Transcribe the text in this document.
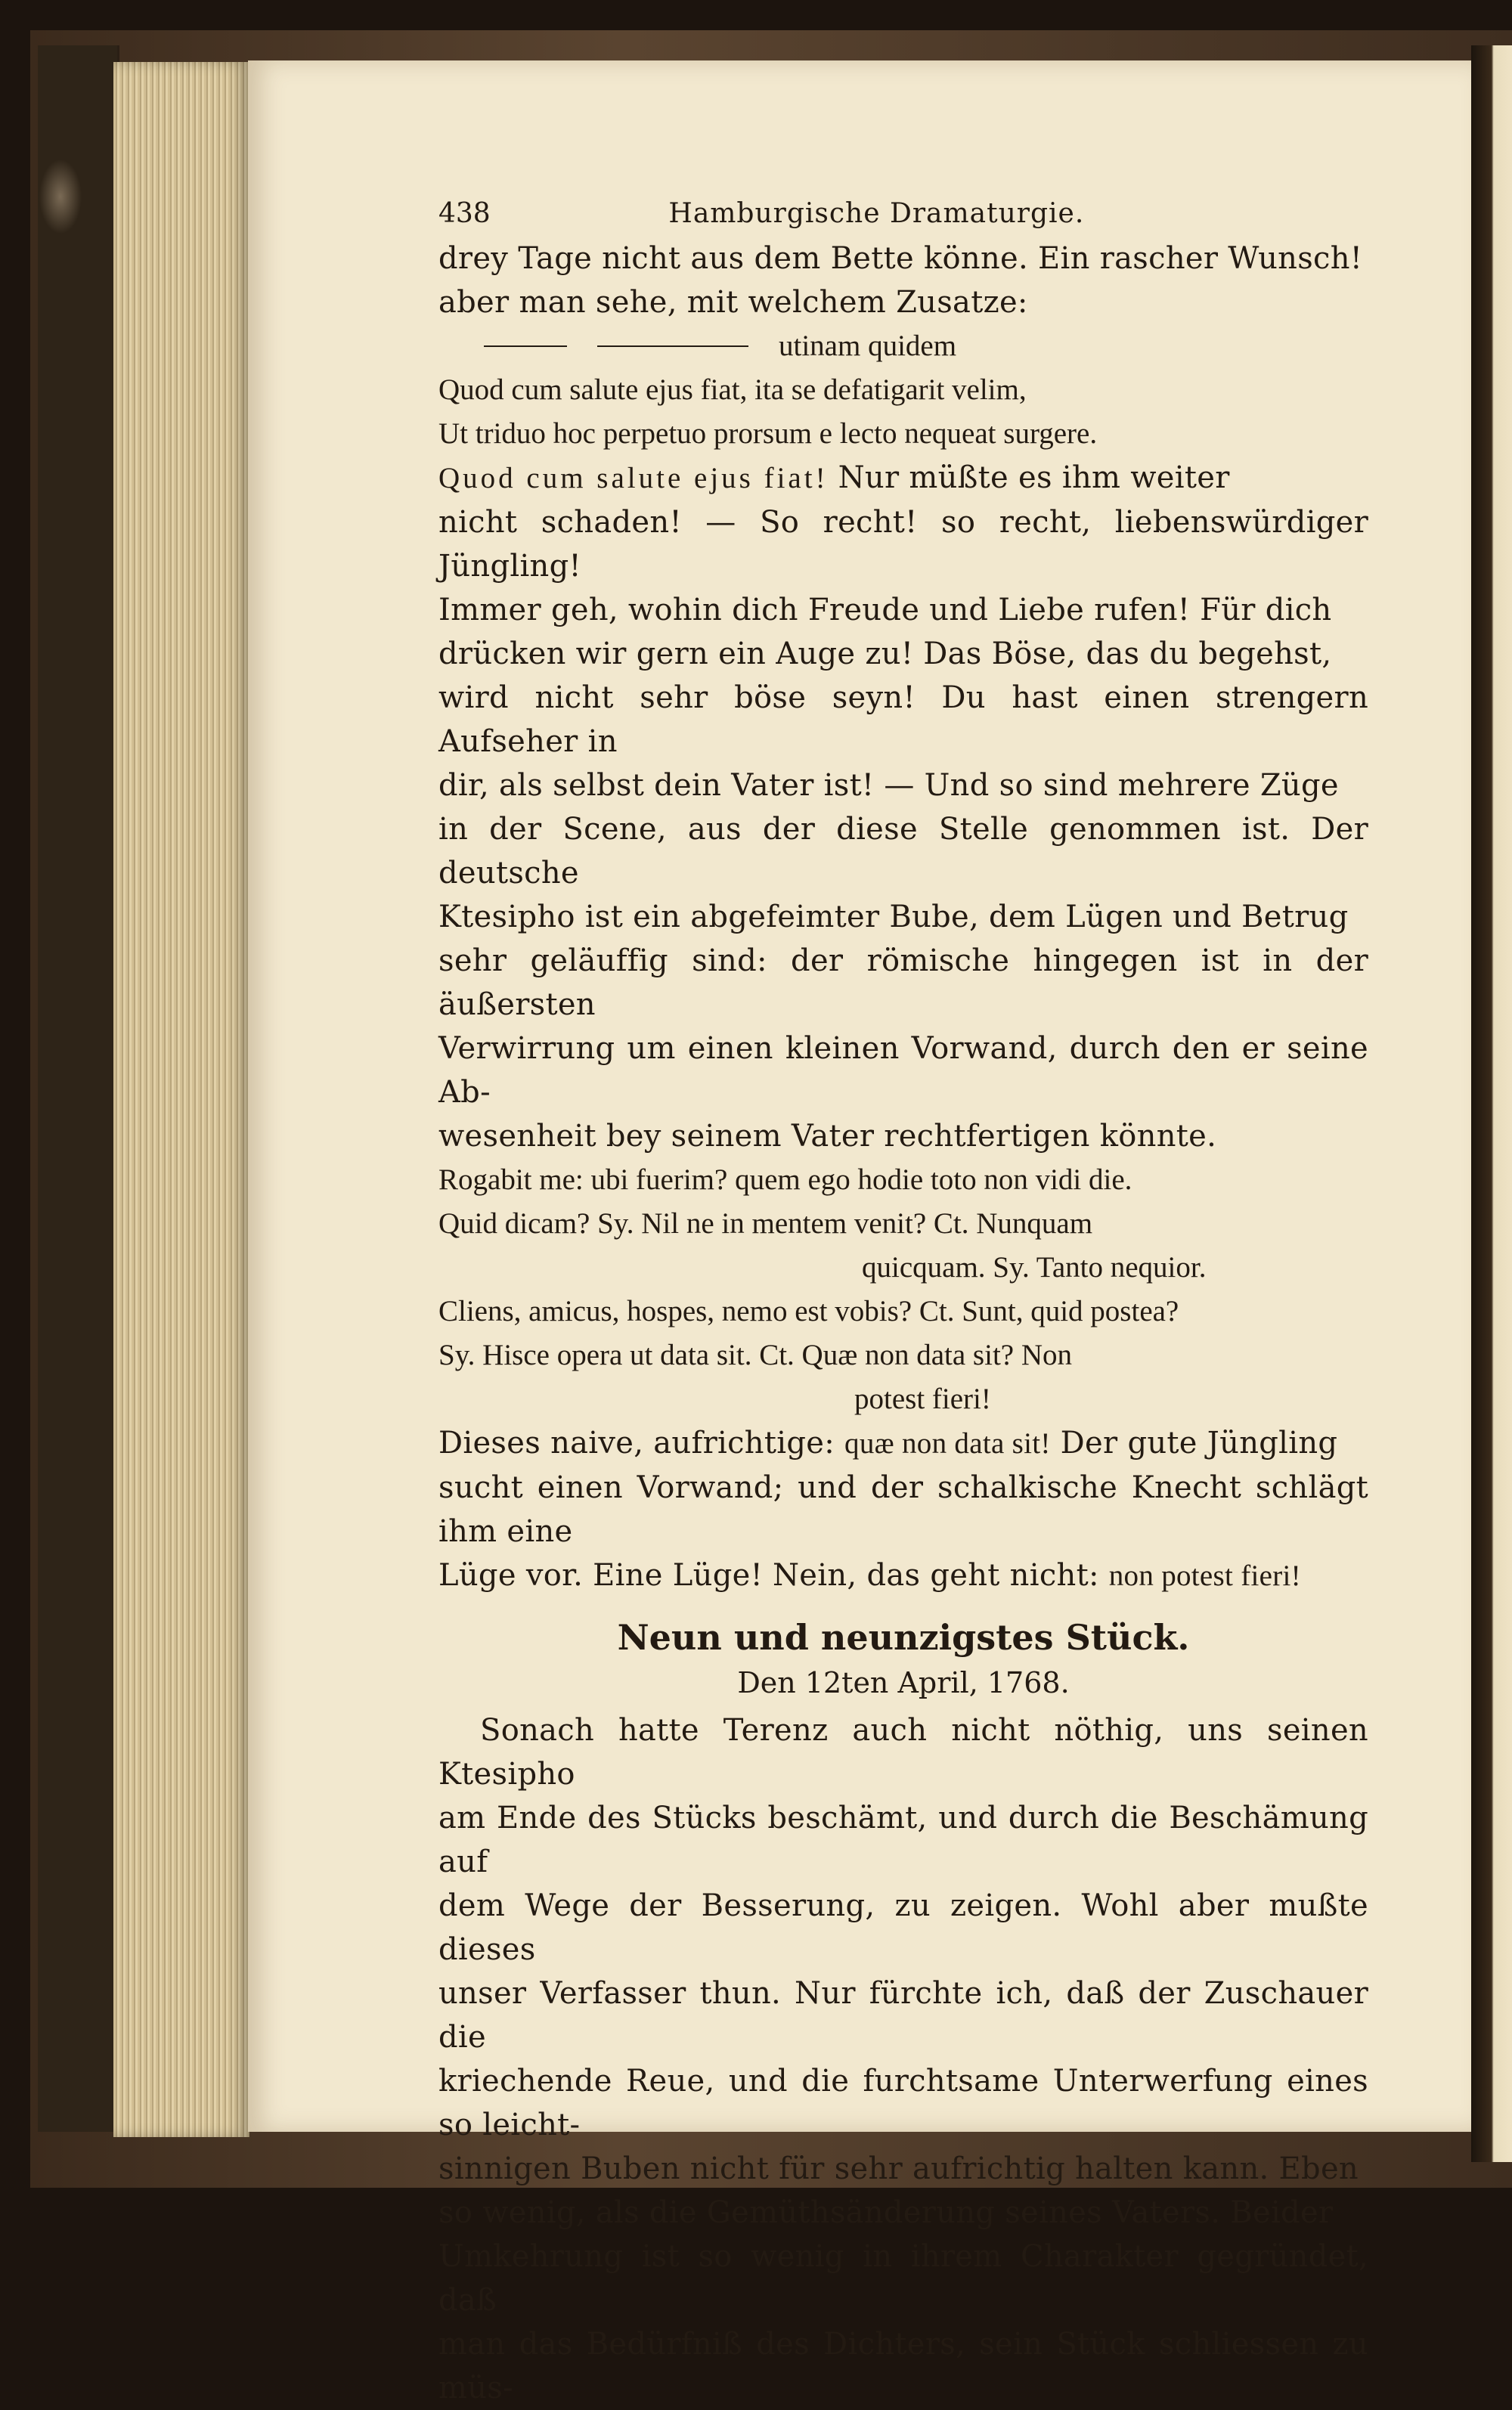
438	Hamburgische Dramaturgie.

drey Tage nicht aus dem Bette könne. Ein rascher Wunsch!

aber man sehe, mit welchem Zusatze:

utinam quidem

Quod cum salute ejus fiat, ita se defatigarit velim,

Ut triduo hoc perpetuo prorsum e lecto nequeat surgere.

Quod cum salute ejus fiat! Nur müßte es ihm weiter

nicht schaden! — So recht! so recht, liebenswürdiger Jüngling!

Immer geh, wohin dich Freude und Liebe rufen! Für dich

drücken wir gern ein Auge zu! Das Böse, das du begehst,

wird nicht sehr böse seyn! Du hast einen strengern Aufseher in

dir, als selbst dein Vater ist! — Und so sind mehrere Züge

in der Scene, aus der diese Stelle genommen ist. Der deutsche

Ktesipho ist ein abgefeimter Bube, dem Lügen und Betrug

sehr geläuffig sind: der römische hingegen ist in der äußersten

Verwirrung um einen kleinen Vorwand, durch den er seine Ab-

wesenheit bey seinem Vater rechtfertigen könnte.

Rogabit me: ubi fuerim? quem ego hodie toto non vidi die.

Quid dicam? Sy. Nil ne in mentem venit? Ct. Nunquam

quicquam. Sy. Tanto nequior.

Cliens, amicus, hospes, nemo est vobis? Ct. Sunt, quid postea?

Sy. Hisce opera ut data sit. Ct. Quæ non data sit? Non

potest fieri!

Dieses naive, aufrichtige: quæ non data sit! Der gute Jüngling

sucht einen Vorwand; und der schalkische Knecht schlägt ihm eine

Lüge vor. Eine Lüge! Nein, das geht nicht: non potest fieri!

Neun und neunzigstes Stück.

Den 12ten April, 1768.

Sonach hatte Terenz auch nicht nöthig, uns seinen Ktesipho

am Ende des Stücks beschämt, und durch die Beschämung auf

dem Wege der Besserung, zu zeigen. Wohl aber mußte dieses

unser Verfasser thun. Nur fürchte ich, daß der Zuschauer die

kriechende Reue, und die furchtsame Unterwerfung eines so leicht-

sinnigen Buben nicht für sehr aufrichtig halten kann. Eben

so wenig, als die Gemüthsänderung seines Vaters. Beider

Umkehrung ist so wenig in ihrem Charakter gegründet, daß

man das Bedürfniß des Dichters, sein Stück schliessen zu müs-
